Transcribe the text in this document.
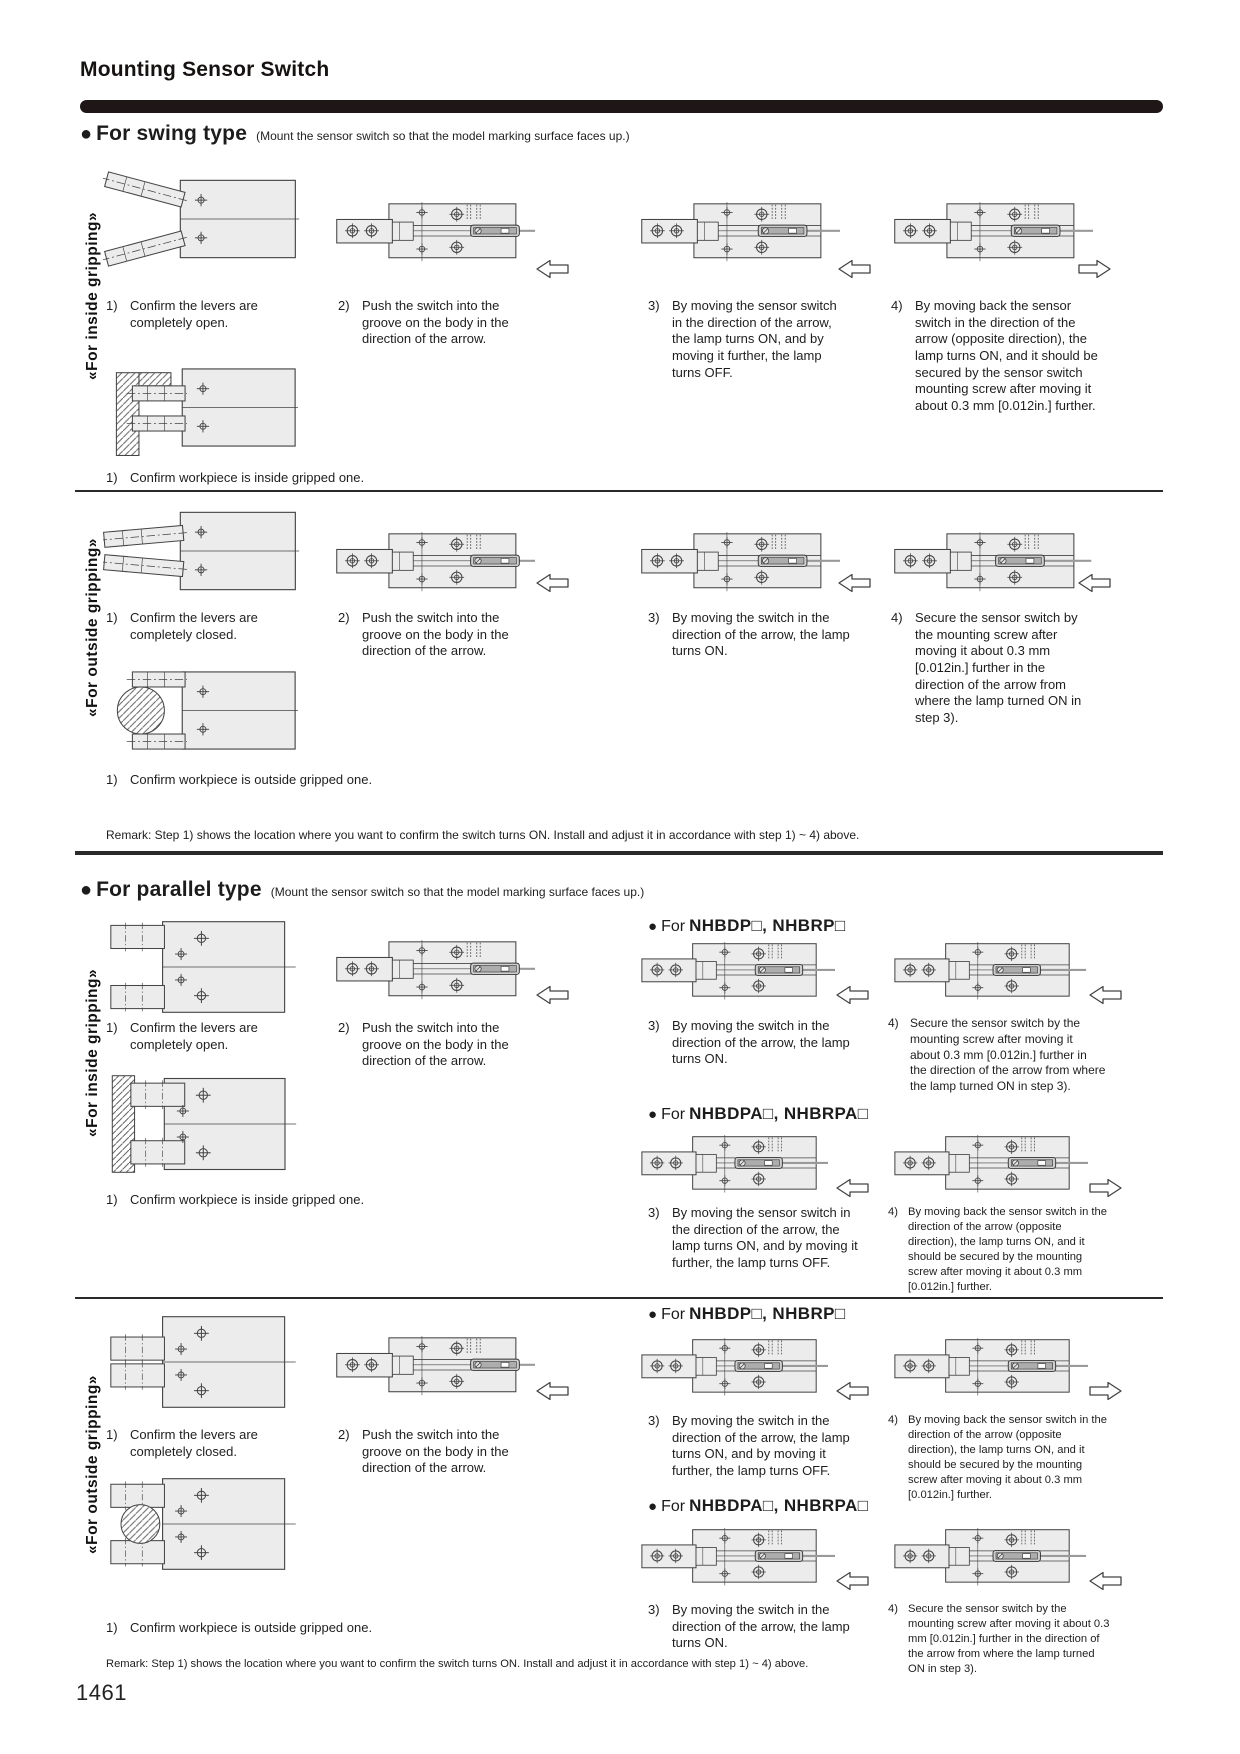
Mounting Sensor Switch
● For swing type (Mount the sensor switch so that the model marking surface faces up.)
«For inside gripping» 1) Confirm the levers are completely open.
2) Push the switch into the groove on the body in the direction of the arrow.
3) By moving the sensor switch in the direction of the arrow, the lamp turns ON, and by moving it further, the lamp turns OFF.
4) By moving back the sensor switch in the direction of the arrow (opposite direction), the lamp turns ON, and it should be secured by the sensor switch mounting screw after moving it about 0.3 mm [0.012in.] further.
1) Confirm workpiece is inside gripped one.
«For outside gripping» 1) Confirm the levers are completely closed.
2) Push the switch into the groove on the body in the direction of the arrow.
3) By moving the switch in the direction of the arrow, the lamp turns ON.
4) Secure the sensor switch by the mounting screw after moving it about 0.3 mm [0.012in.] further in the direction of the arrow from where the lamp turned ON in step 3).
1) Confirm workpiece is outside gripped one.
Remark: Step 1) shows the location where you want to confirm the switch turns ON. Install and adjust it in accordance with step 1) ~ 4) above.
● For parallel type (Mount the sensor switch so that the model marking surface faces up.)
«For inside gripping»
● For NHBDP□, NHBRP□
1) Confirm the levers are completely open.
2) Push the switch into the groove on the body in the direction of the arrow.
3) By moving the switch in the direction of the arrow, the lamp turns ON.
4) Secure the sensor switch by the mounting screw after moving it about 0.3 mm [0.012in.] further in the direction of the arrow from where the lamp turned ON in step 3).
● For NHBDPA□, NHBRPA□
3) By moving the sensor switch in the direction of the arrow, the lamp turns ON, and by moving it further, the lamp turns OFF.
4) By moving back the sensor switch in the direction of the arrow (opposite direction), the lamp turns ON, and it should be secured by the mounting screw after moving it about 0.3 mm [0.012in.] further.
1) Confirm workpiece is inside gripped one.
«For outside gripping»
● For NHBDP□, NHBRP□
3) By moving the switch in the direction of the arrow, the lamp turns ON, and by moving it further, the lamp turns OFF.
4) By moving back the sensor switch in the direction of the arrow (opposite direction), the lamp turns ON, and it should be secured by the mounting screw after moving it about 0.3 mm [0.012in.] further.
1) Confirm the levers are completely closed.
2) Push the switch into the groove on the body in the direction of the arrow.
● For NHBDPA□, NHBRPA□
3) By moving the switch in the direction of the arrow, the lamp turns ON.
4) Secure the sensor switch by the mounting screw after moving it about 0.3 mm [0.012in.] further in the direction of the arrow from where the lamp turned ON in step 3).
1) Confirm workpiece is outside gripped one.
Remark: Step 1) shows the location where you want to confirm the switch turns ON. Install and adjust it in accordance with step 1) ~ 4) above.
1461
